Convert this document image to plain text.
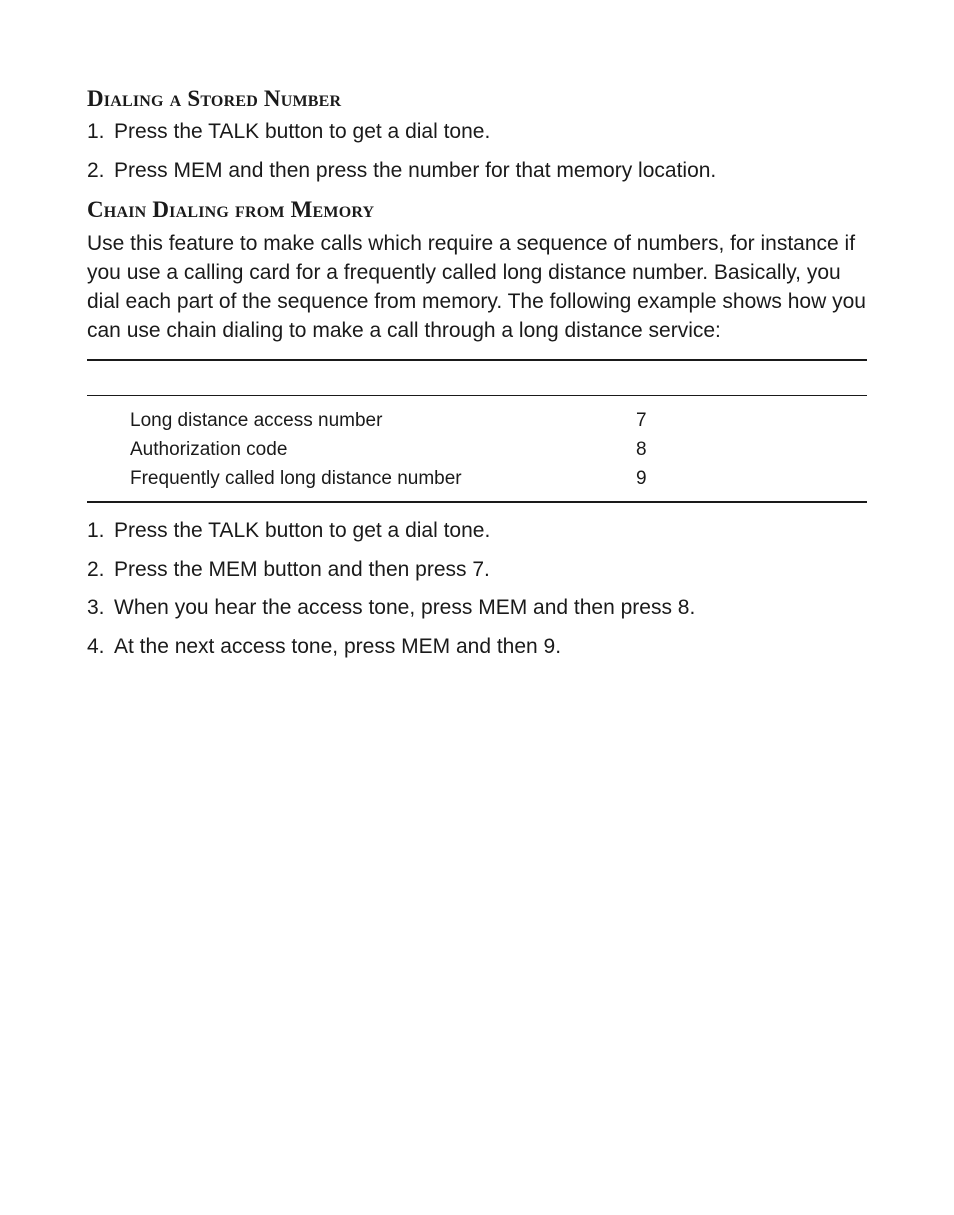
Dialing a Stored Number
1. Press the TALK button to get a dial tone.
2. Press MEM and then press the number for that memory location.
Chain Dialing from Memory

Use this feature to make calls which require a sequence of numbers, for instance if you use a calling card for a frequently called long distance number. Basically, you dial each part of the sequence from memory. The following example shows how you can use chain dialing to make a call through a long distance service:

Long distance access number	7
Authorization code	8
Frequently called long distance number	9
1. Press the TALK button to get a dial tone.
2. Press the MEM button and then press 7.
3. When you hear the access tone, press MEM and then press 8.
4. At the next access tone, press MEM and then 9.
